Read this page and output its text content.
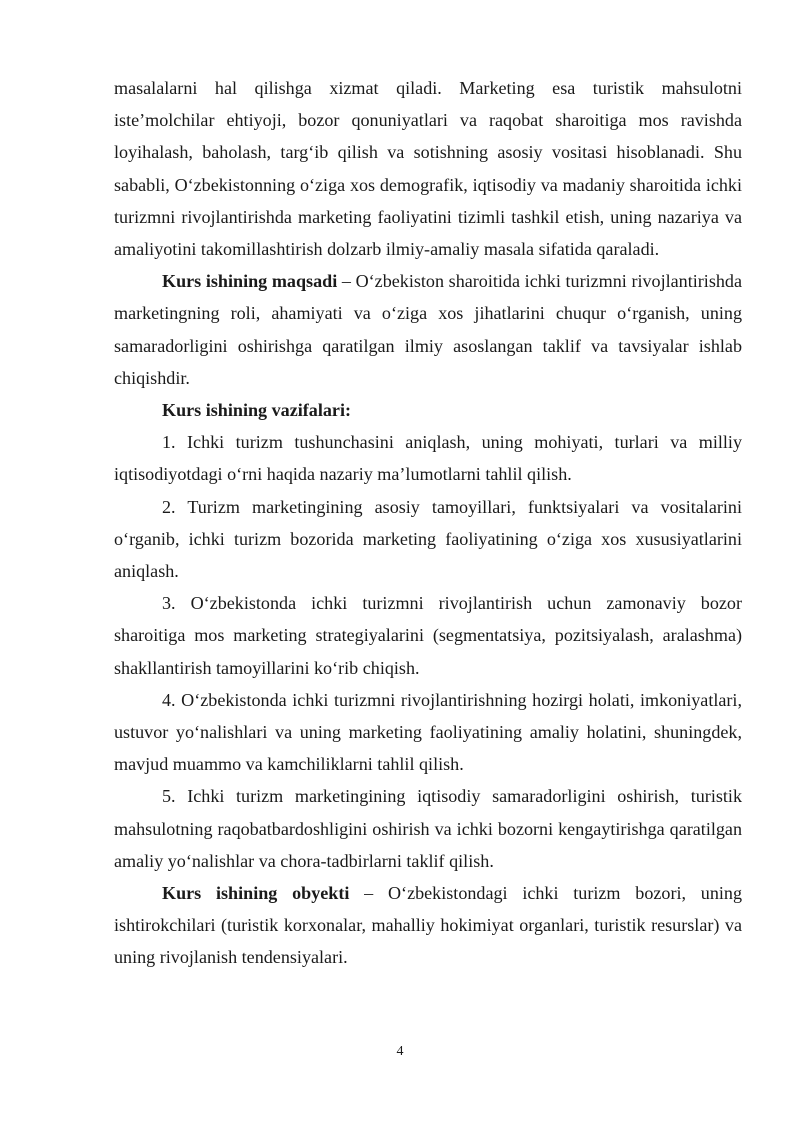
masalalarni hal qilishga xizmat qiladi. Marketing esa turistik mahsulotni iste’molchilar ehtiyoji, bozor qonuniyatlari va raqobat sharoitiga mos ravishda loyihalash, baholash, targ‘ib qilish va sotishning asosiy vositasi hisoblanadi. Shu sababli, O‘zbekistonning o‘ziga xos demografik, iqtisodiy va madaniy sharoitida ichki turizmni rivojlantirishda marketing faoliyatini tizimli tashkil etish, uning nazariya va amaliyotini takomillashtirish dolzarb ilmiy-amaliy masala sifatida qaraladi.

Kurs ishining maqsadi – O‘zbekiston sharoitida ichki turizmni rivojlantirishda marketingning roli, ahamiyati va o‘ziga xos jihatlarini chuqur o‘rganish, uning samaradorligini oshirishga qaratilgan ilmiy asoslangan taklif va tavsiyalar ishlab chiqishdir.

Kurs ishining vazifalari:

1. Ichki turizm tushunchasini aniqlash, uning mohiyati, turlari va milliy iqtisodiyotdagi o‘rni haqida nazariy ma’lumotlarni tahlil qilish.

2. Turizm marketingining asosiy tamoyillari, funktsiyalari va vositalarini o‘rganib, ichki turizm bozorida marketing faoliyatining o‘ziga xos xususiyatlarini aniqlash.

3. O‘zbekistonda ichki turizmni rivojlantirish uchun zamonaviy bozor sharoitiga mos marketing strategiyalarini (segmentatsiya, pozitsiyalash, aralashma) shakllantirish tamoyillarini ko‘rib chiqish.

4. O‘zbekistonda ichki turizmni rivojlantirishning hozirgi holati, imkoniyatlari, ustuvor yo‘nalishlari va uning marketing faoliyatining amaliy holatini, shuningdek, mavjud muammo va kamchiliklarni tahlil qilish.

5. Ichki turizm marketingining iqtisodiy samaradorligini oshirish, turistik mahsulotning raqobatbardoshligini oshirish va ichki bozorni kengaytirishga qaratilgan amaliy yo‘nalishlar va chora-tadbirlarni taklif qilish.

Kurs ishining obyekti – O‘zbekistondagi ichki turizm bozori, uning ishtirokchilari (turistik korxonalar, mahalliy hokimiyat organlari, turistik resurslar) va uning rivojlanish tendensiyalari.

4
